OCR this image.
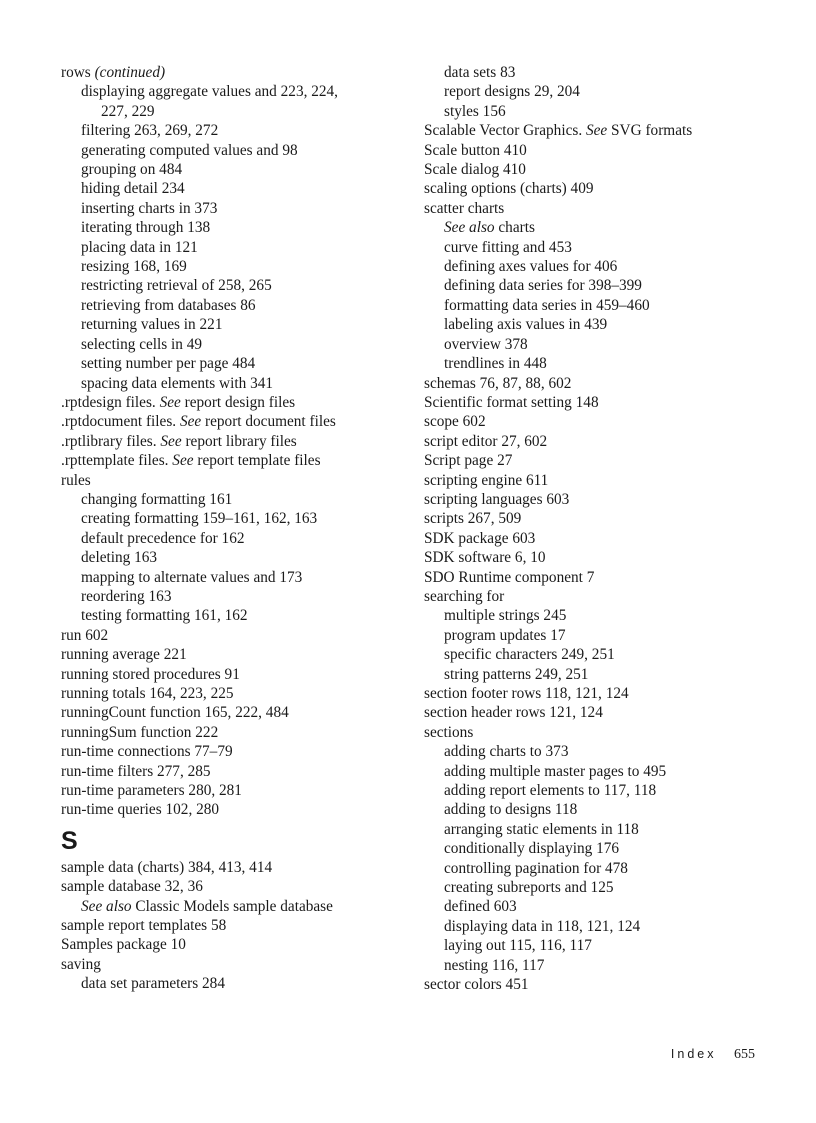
rows (continued)
displaying aggregate values and 223, 224,
227, 229
filtering 263, 269, 272
generating computed values and 98
grouping on 484
hiding detail 234
inserting charts in 373
iterating through 138
placing data in 121
resizing 168, 169
restricting retrieval of 258, 265
retrieving from databases 86
returning values in 221
selecting cells in 49
setting number per page 484
spacing data elements with 341
.rptdesign files. See report design files
.rptdocument files. See report document files
.rptlibrary files. See report library files
.rpttemplate files. See report template files
rules
changing formatting 161
creating formatting 159–161, 162, 163
default precedence for 162
deleting 163
mapping to alternate values and 173
reordering 163
testing formatting 161, 162
run 602
running average 221
running stored procedures 91
running totals 164, 223, 225
runningCount function 165, 222, 484
runningSum function 222
run-time connections 77–79
run-time filters 277, 285
run-time parameters 280, 281
run-time queries 102, 280
S
sample data (charts) 384, 413, 414
sample database 32, 36
See also Classic Models sample database
sample report templates 58
Samples package 10
saving
data set parameters 284
data sets 83
report designs 29, 204
styles 156
Scalable Vector Graphics. See SVG formats
Scale button 410
Scale dialog 410
scaling options (charts) 409
scatter charts
See also charts
curve fitting and 453
defining axes values for 406
defining data series for 398–399
formatting data series in 459–460
labeling axis values in 439
overview 378
trendlines in 448
schemas 76, 87, 88, 602
Scientific format setting 148
scope 602
script editor 27, 602
Script page 27
scripting engine 611
scripting languages 603
scripts 267, 509
SDK package 603
SDK software 6, 10
SDO Runtime component 7
searching for
multiple strings 245
program updates 17
specific characters 249, 251
string patterns 249, 251
section footer rows 118, 121, 124
section header rows 121, 124
sections
adding charts to 373
adding multiple master pages to 495
adding report elements to 117, 118
adding to designs 118
arranging static elements in 118
conditionally displaying 176
controlling pagination for 478
creating subreports and 125
defined 603
displaying data in 118, 121, 124
laying out 115, 116, 117
nesting 116, 117
sector colors 451
Index 655
